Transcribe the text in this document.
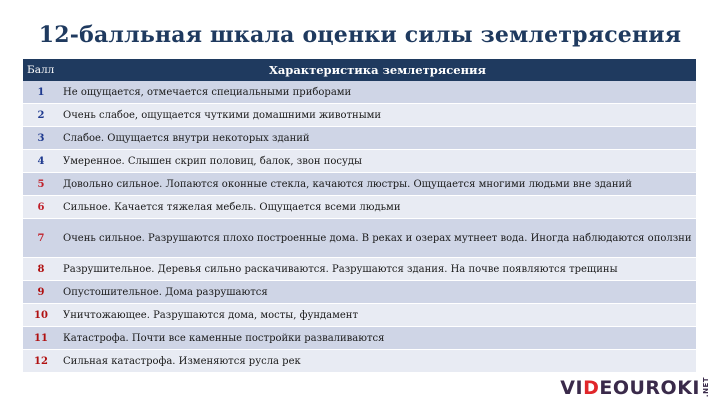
12-балльная шкала оценки силы землетрясения
Балл	Характеристика землетрясения
1	Не ощущается, отмечается специальными приборами
2	Очень слабое, ощущается чуткими домашними животными
3	Слабое. Ощущается внутри некоторых зданий
4	Умеренное. Слышен скрип половиц, балок, звон посуды
5	Довольно сильное. Лопаются оконные стекла, качаются люстры. Ощущается многими людьми вне зданий
6	Сильное. Качается тяжелая мебель. Ощущается всеми людьми
7	Очень сильное. Разрушаются плохо построенные дома. В реках и озерах мутнеет вода. Иногда наблюдаются оползни
8	Разрушительное. Деревья сильно раскачиваются. Разрушаются здания. На почве появляются трещины
9	Опустошительное. Дома разрушаются
10	Уничтожающее. Разрушаются дома, мосты, фундамент
11	Катастрофа. Почти все каменные постройки разваливаются
12	Сильная катастрофа. Изменяются русла рек
VI D EOUROKI .NET
